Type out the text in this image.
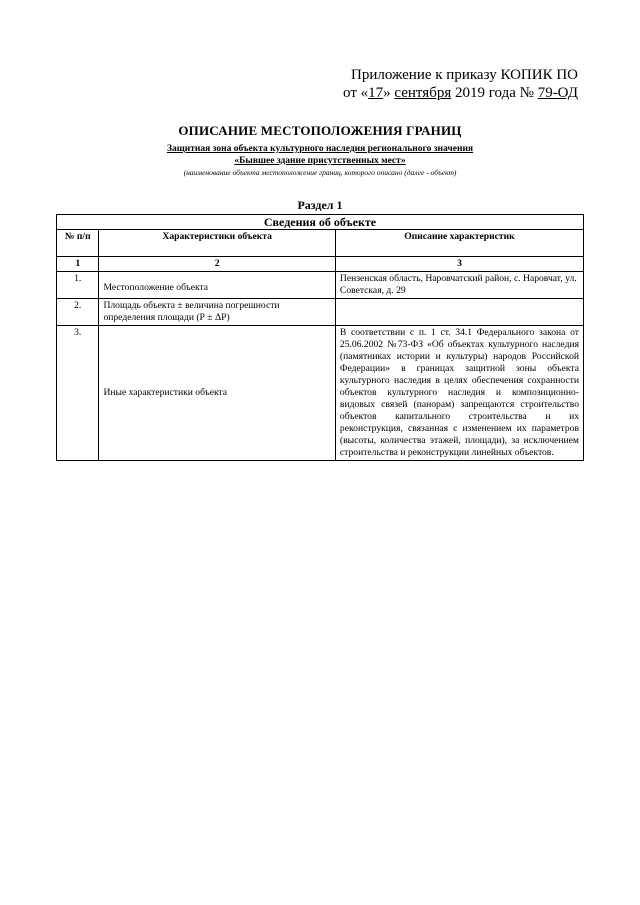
Приложение к приказу КОПИК ПО
от «17» сентября 2019 года № 79-ОД
ОПИСАНИЕ МЕСТОПОЛОЖЕНИЯ ГРАНИЦ
Защитная зона объекта культурного наследия регионального значения
«Бывшее здание присутственных мест»
(наименование объекта местоположение границ, которого описано (далее - объект)
Раздел 1
Сведения об объекте		
№ п/п	Характеристики объекта	Описание характеристик
1	2	3
1.	Местоположение объекта	Пензенская область, Наровчатский район, с. Наровчат, ул. Советская, д. 29
2.	Площадь объекта ± величина погрешности определения площади (Р ± ΔР)	
3.	Иные характеристики объекта	В соответствии с п. 1 ст. 34.1 Федерального закона от 25.06.2002 №73-ФЗ «Об объектах культурного наследия (памятниках истории и культуры) народов Российской Федерации» в границах защитной зоны объекта культурного наследия в целях обеспечения сохранности объектов культурного наследия и композиционно-видовых связей (панорам) запрещаются строительство объектов капитального строительства и их реконструкция, связанная с изменением их параметров (высоты, количества этажей, площади), за исключением строительства и реконструкции линейных объектов.
